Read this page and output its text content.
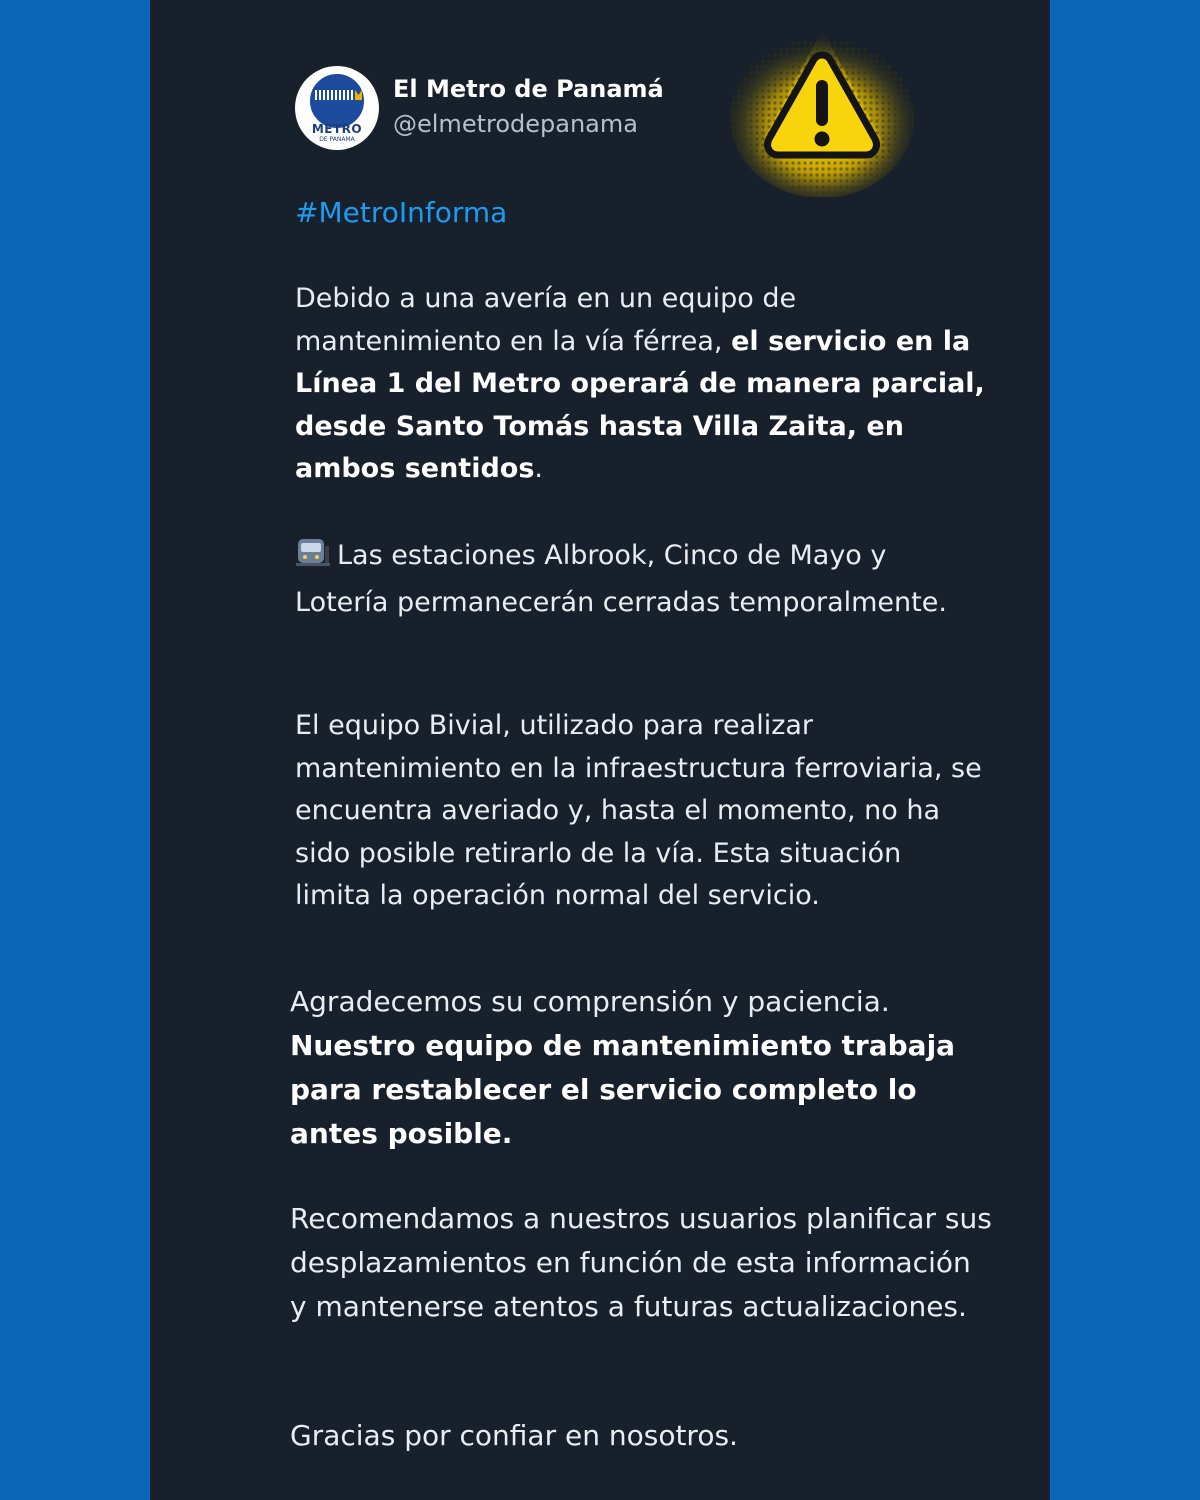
METRO
DE PANAMA
El Metro de Panamá
@elmetrodepanama
#MetroInforma
Debido a una avería en un equipo de mantenimiento en la vía férrea, el servicio en la Línea 1 del Metro operará de manera parcial, desde Santo Tomás hasta Villa Zaita, en ambos sentidos.
Las estaciones Albrook, Cinco de Mayo y Lotería permanecerán cerradas temporalmente.
El equipo Bivial, utilizado para realizar mantenimiento en la infraestructura ferroviaria, se encuentra averiado y, hasta el momento, no ha sido posible retirarlo de la vía. Esta situación limita la operación normal del servicio.
Agradecemos su comprensión y paciencia. Nuestro equipo de mantenimiento trabaja para restablecer el servicio completo lo antes posible.
Recomendamos a nuestros usuarios planificar sus desplazamientos en función de esta información y mantenerse atentos a futuras actualizaciones.
Gracias por confiar en nosotros.
